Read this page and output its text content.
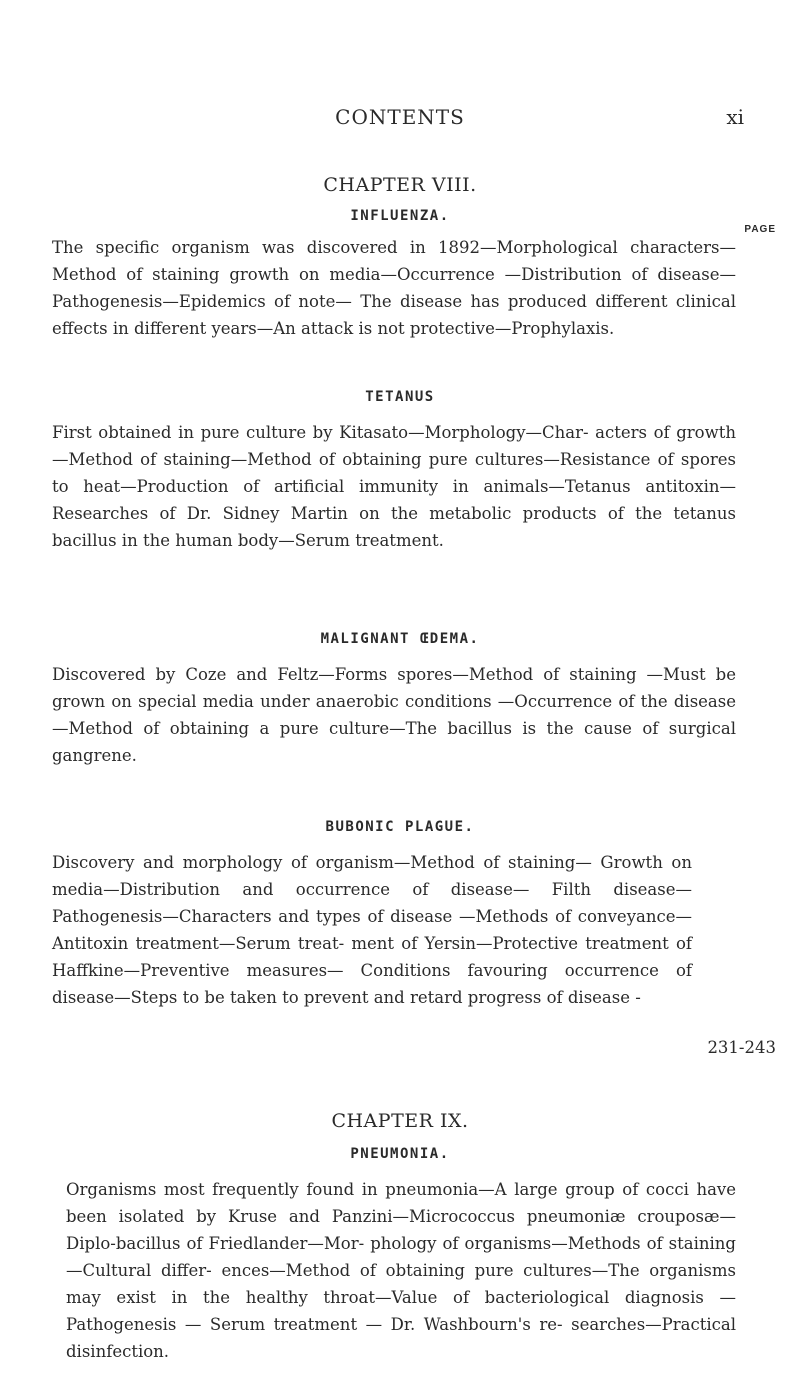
CONTENTS	xi
CHAPTER VIII.
INFLUENZA.
PAGE
The specific organism was discovered in 1892—Morphological characters—Method of staining growth on media—Occurrence —Distribution of disease—Pathogenesis—Epidemics of note— The disease has produced different clinical effects in different years—An attack is not protective—Prophylaxis.
TETANUS
First obtained in pure culture by Kitasato—Morphology—Char- acters of growth—Method of staining—Method of obtaining pure cultures—Resistance of spores to heat—Production of artificial immunity in animals—Tetanus antitoxin—Researches of Dr. Sidney Martin on the metabolic products of the tetanus bacillus in the human body—Serum treatment.
MALIGNANT ŒDEMA.
Discovered by Coze and Feltz—Forms spores—Method of staining —Must be grown on special media under anaerobic conditions —Occurrence of the disease—Method of obtaining a pure culture—The bacillus is the cause of surgical gangrene.
BUBONIC PLAGUE.
Discovery and morphology of organism—Method of staining— Growth on media—Distribution and occurrence of disease— Filth disease—Pathogenesis—Characters and types of disease —Methods of conveyance—Antitoxin treatment—Serum treat- ment of Yersin—Protective treatment of Haffkine—Preventive measures— Conditions favouring occurrence of disease—Steps to be taken to prevent and retard progress of disease -
231-243
CHAPTER IX.
PNEUMONIA.
Organisms most frequently found in pneumonia—A large group of cocci have been isolated by Kruse and Panzini—Micrococcus pneumoniæ crouposæ—Diplo-bacillus of Friedlander—Mor- phology of organisms—Methods of staining—Cultural differ- ences—Method of obtaining pure cultures—The organisms may exist in the healthy throat—Value of bacteriological diagnosis — Pathogenesis — Serum treatment — Dr. Washbourn's re- searches—Practical disinfection.
